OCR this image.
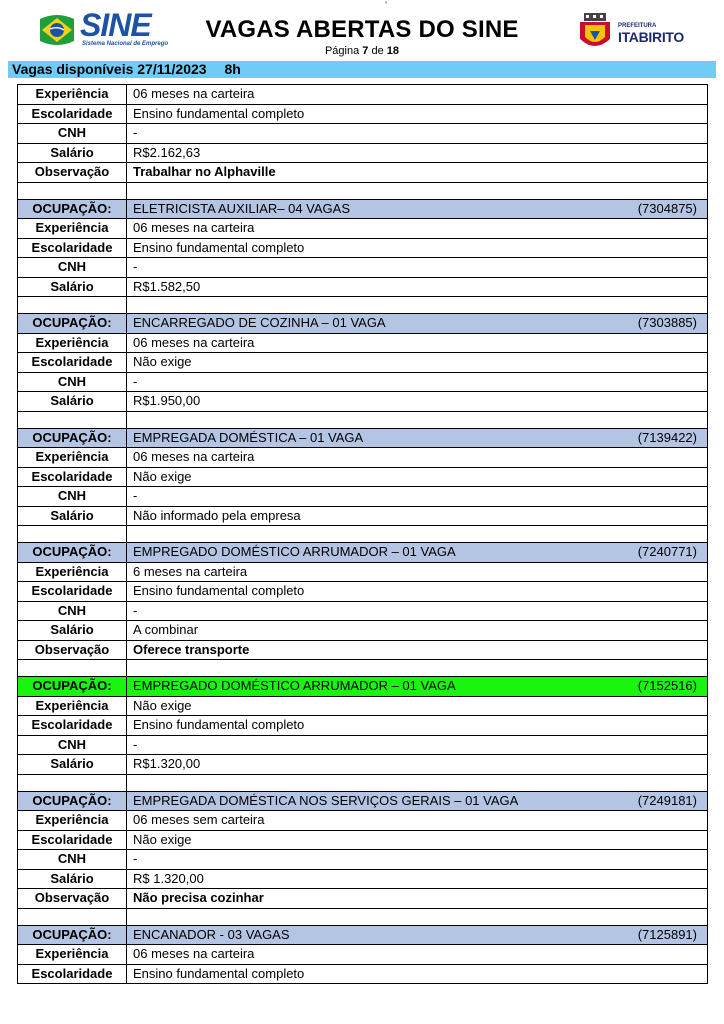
SINE
Sistema Nacional de Emprego
’
VAGAS ABERTAS DO SINE
Página 7 de 18
PREFEITURA
ITABIRITO
Vagas disponíveis 27/11/2023 8h
Experiência	06 meses na carteira
Escolaridade	Ensino fundamental completo
CNH	-
Salário	R$2.162,63
Observação	Trabalhar no Alphaville

OCUPAÇÃO:	ELETRICISTA AUXILIAR– 04 VAGAS (7304875)

Experiência	06 meses na carteira
Escolaridade	Ensino fundamental completo
CNH	-
Salário	R$1.582,50

OCUPAÇÃO:	ENCARREGADO DE COZINHA – 01 VAGA (7303885)

Experiência	06 meses na carteira
Escolaridade	Não exige
CNH	-
Salário	R$1.950,00

OCUPAÇÃO:	EMPREGADA DOMÉSTICA – 01 VAGA (7139422)

Experiência	06 meses na carteira
Escolaridade	Não exige
CNH	-
Salário	Não informado pela empresa

OCUPAÇÃO:	EMPREGADO DOMÉSTICO ARRUMADOR – 01 VAGA (7240771)

Experiência	6 meses na carteira
Escolaridade	Ensino fundamental completo
CNH	-
Salário	A combinar
Observação	Oferece transporte

OCUPAÇÃO:	EMPREGADO DOMÉSTICO ARRUMADOR – 01 VAGA (7152516)

Experiência	Não exige
Escolaridade	Ensino fundamental completo
CNH	-
Salário	R$1.320,00

OCUPAÇÃO:	EMPREGADA DOMÉSTICA NOS SERVIÇOS GERAIS – 01 VAGA (7249181)

Experiência	06 meses sem carteira
Escolaridade	Não exige
CNH	-
Salário	R$ 1.320,00
Observação	Não precisa cozinhar

OCUPAÇÃO:	ENCANADOR - 03 VAGAS (7125891)

Experiência	06 meses na carteira
Escolaridade	Ensino fundamental completo
